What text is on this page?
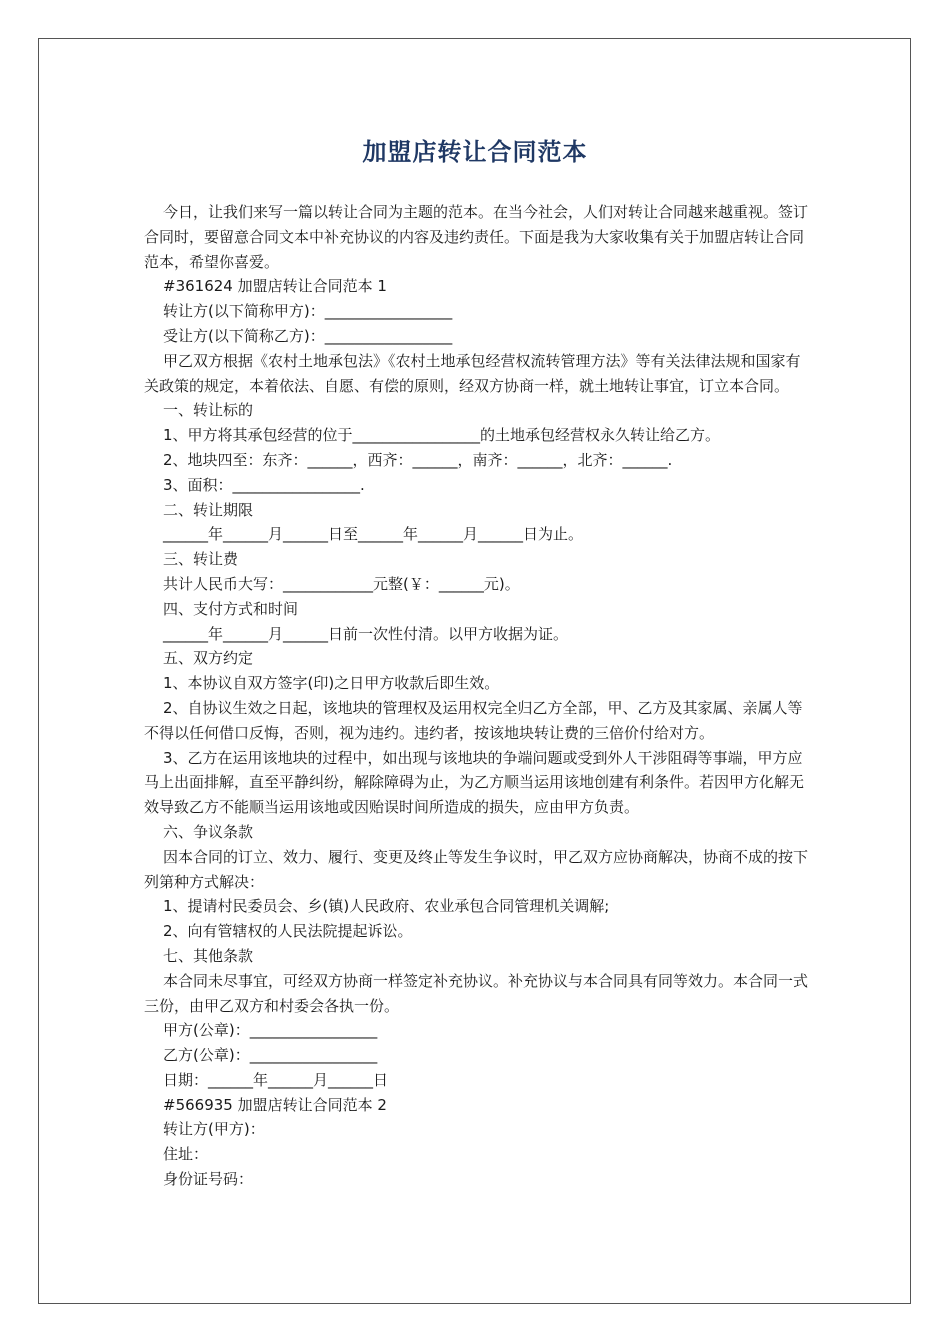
加盟店转让合同范本

今日，让我们来写一篇以转让合同为主题的范本。在当今社会，人们对转让合同越来越重视。签订合同时，要留意合同文本中补充协议的内容及违约责任。下面是我为大家收集有关于加盟店转让合同范本，希望你喜爱。

#361624 加盟店转让合同范本 1

转让方(以下简称甲方)：_________________

受让方(以下简称乙方)：_________________

甲乙双方根据《农村土地承包法》《农村土地承包经营权流转管理方法》等有关法律法规和国家有关政策的规定，本着依法、自愿、有偿的原则，经双方协商一样，就土地转让事宜，订立本合同。

一、转让标的

1、甲方将其承包经营的位于_________________的土地承包经营权永久转让给乙方。

2、地块四至：东齐：______，西齐：______，南齐：______，北齐：______.

3、面积：_________________.

二、转让期限

______年______月______日至______年______月______日为止。

三、转让费

共计人民币大写：____________元整(￥：______元)。

四、支付方式和时间

______年______月______日前一次性付清。以甲方收据为证。

五、双方约定

1、本协议自双方签字(印)之日甲方收款后即生效。

2、自协议生效之日起，该地块的管理权及运用权完全归乙方全部，甲、乙方及其家属、亲属人等不得以任何借口反悔，否则，视为违约。违约者，按该地块转让费的三倍价付给对方。

3、乙方在运用该地块的过程中，如出现与该地块的争端问题或受到外人干涉阻碍等事端，甲方应马上出面排解，直至平静纠纷，解除障碍为止，为乙方顺当运用该地创建有利条件。若因甲方化解无效导致乙方不能顺当运用该地或因贻误时间所造成的损失，应由甲方负责。

六、争议条款

因本合同的订立、效力、履行、变更及终止等发生争议时，甲乙双方应协商解决，协商不成的按下列第种方式解决：

1、提请村民委员会、乡(镇)人民政府、农业承包合同管理机关调解;

2、向有管辖权的人民法院提起诉讼。

七、其他条款

本合同未尽事宜，可经双方协商一样签定补充协议。补充协议与本合同具有同等效力。本合同一式三份，由甲乙双方和村委会各执一份。

甲方(公章)：_________________

乙方(公章)：_________________

日期：______年______月______日

#566935 加盟店转让合同范本 2

转让方(甲方)：

住址：

身份证号码：
